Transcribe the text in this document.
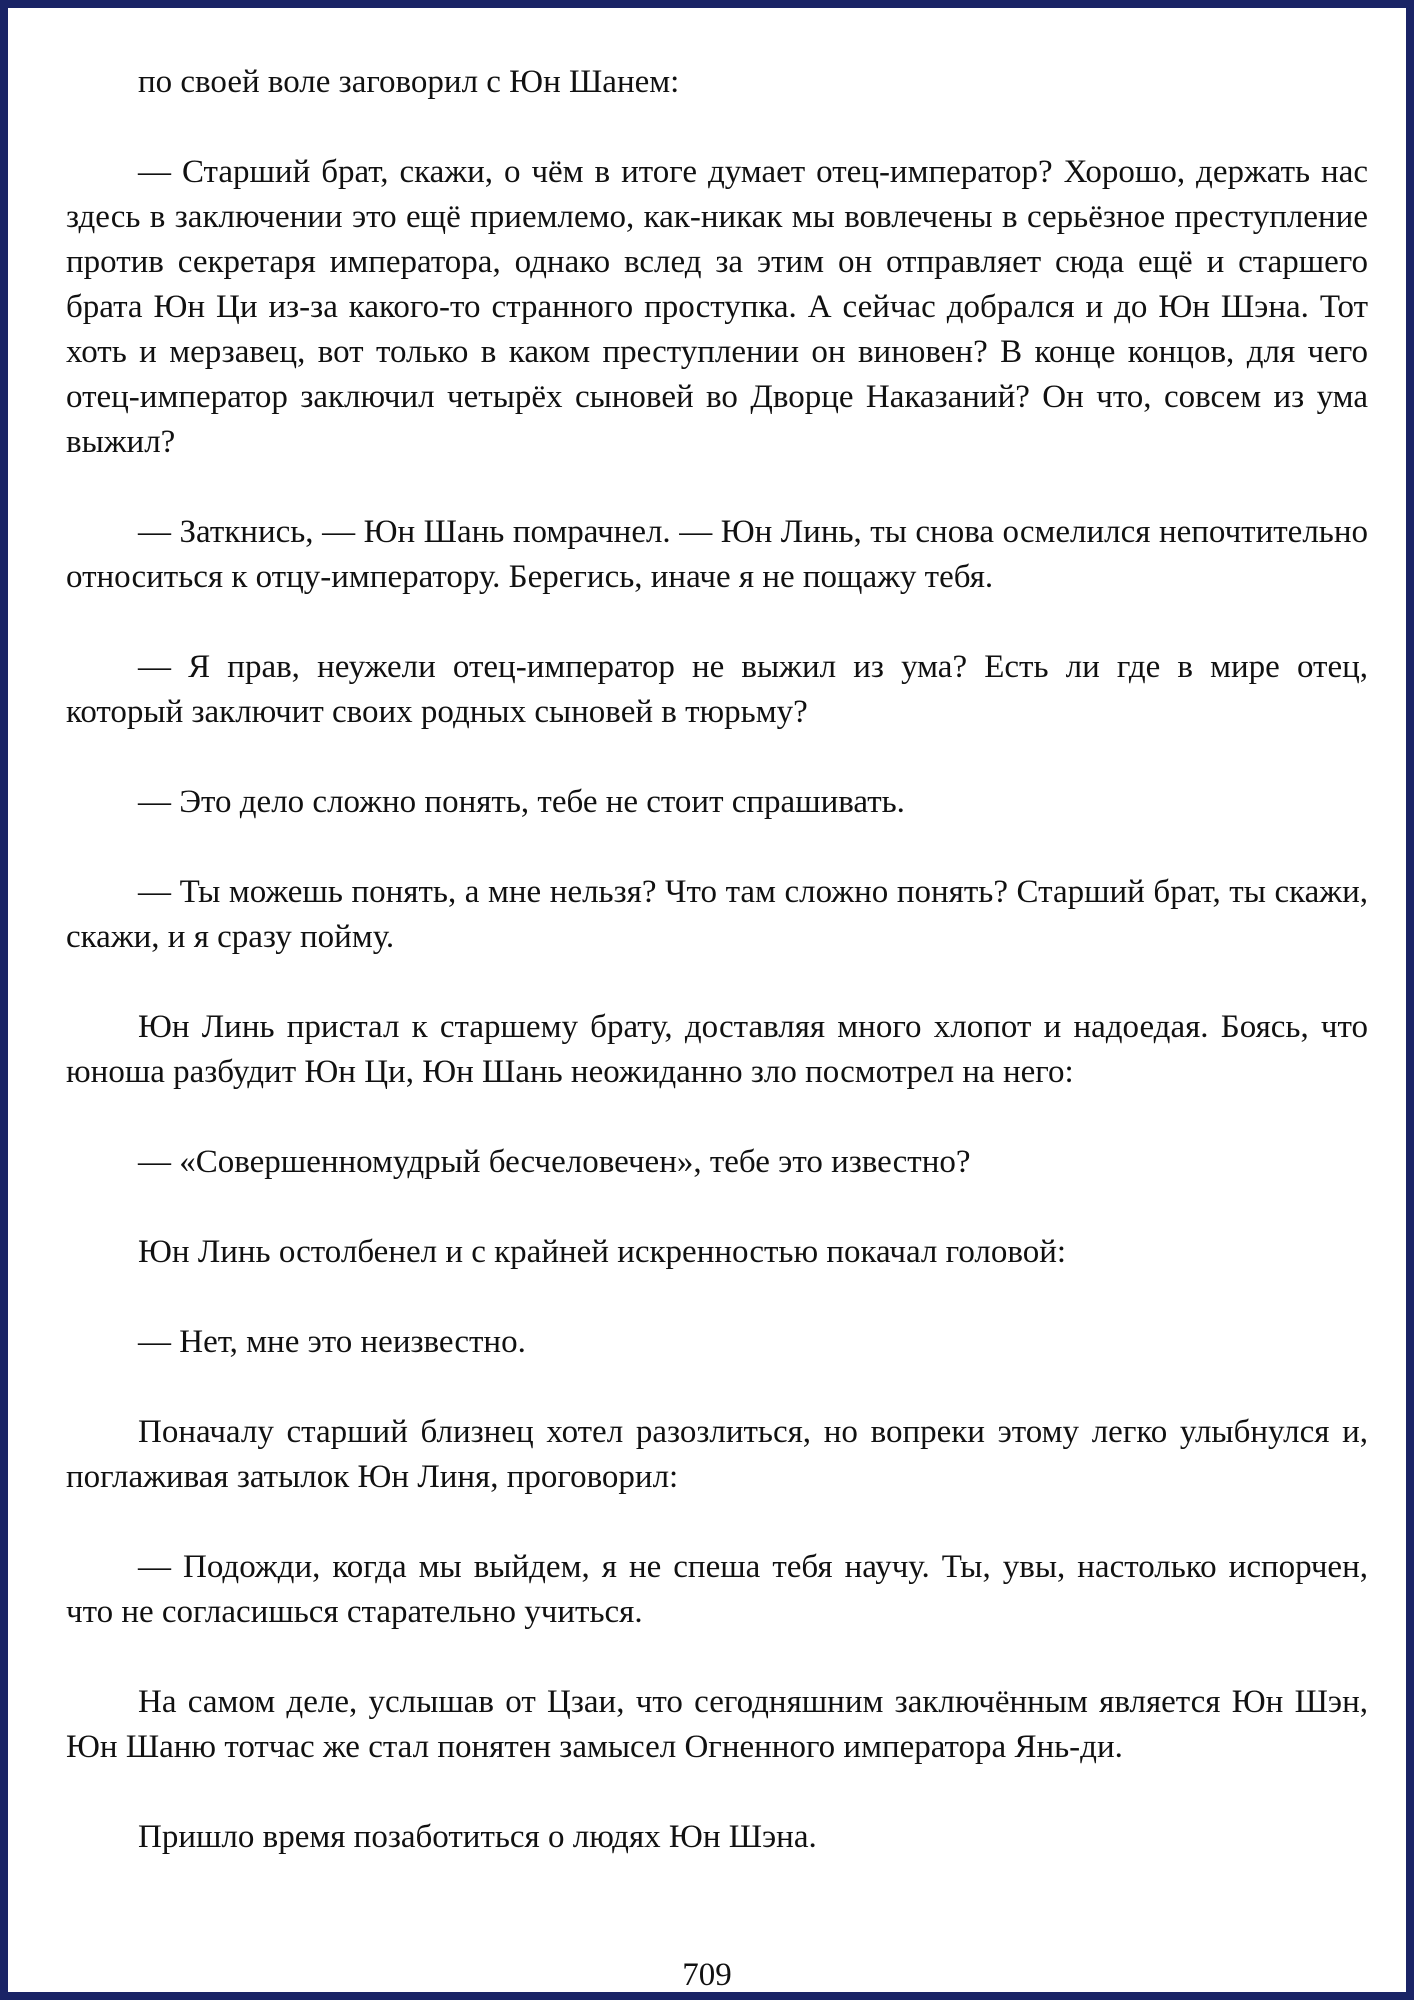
по своей воле заговорил с Юн Шанем:

— Старший брат, скажи, о чём в итоге думает отец-император? Хорошо, держать нас здесь в заключении это ещё приемлемо, как-никак мы вовлечены в серьёзное преступление против секретаря императора, однако вслед за этим он отправляет сюда ещё и старшего брата Юн Ци из-за какого-то странного проступка. А сейчас добрался и до Юн Шэна. Тот хоть и мерзавец, вот только в каком преступлении он виновен? В конце концов, для чего отец-император заключил четырёх сыновей во Дворце Наказаний? Он что, совсем из ума выжил?

— Заткнись, — Юн Шань помрачнел. — Юн Линь, ты снова осмелился непочтительно относиться к отцу-императору. Берегись, иначе я не пощажу тебя.

— Я прав, неужели отец-император не выжил из ума? Есть ли где в мире отец, который заключит своих родных сыновей в тюрьму?

— Это дело сложно понять, тебе не стоит спрашивать.

— Ты можешь понять, а мне нельзя? Что там сложно понять? Старший брат, ты скажи, скажи, и я сразу пойму.

Юн Линь пристал к старшему брату, доставляя много хлопот и надоедая. Боясь, что юноша разбудит Юн Ци, Юн Шань неожиданно зло посмотрел на него:

— «Совершенномудрый бесчеловечен», тебе это известно?

Юн Линь остолбенел и с крайней искренностью покачал головой:

— Нет, мне это неизвестно.

Поначалу старший близнец хотел разозлиться, но вопреки этому легко улыбнулся и, поглаживая затылок Юн Линя, проговорил:

— Подожди, когда мы выйдем, я не спеша тебя научу. Ты, увы, настолько испорчен, что не согласишься старательно учиться.

На самом деле, услышав от Цзаи, что сегодняшним заключённым является Юн Шэн, Юн Шаню тотчас же стал понятен замысел Огненного императора Янь-ди.

Пришло время позаботиться о людях Юн Шэна.

709
